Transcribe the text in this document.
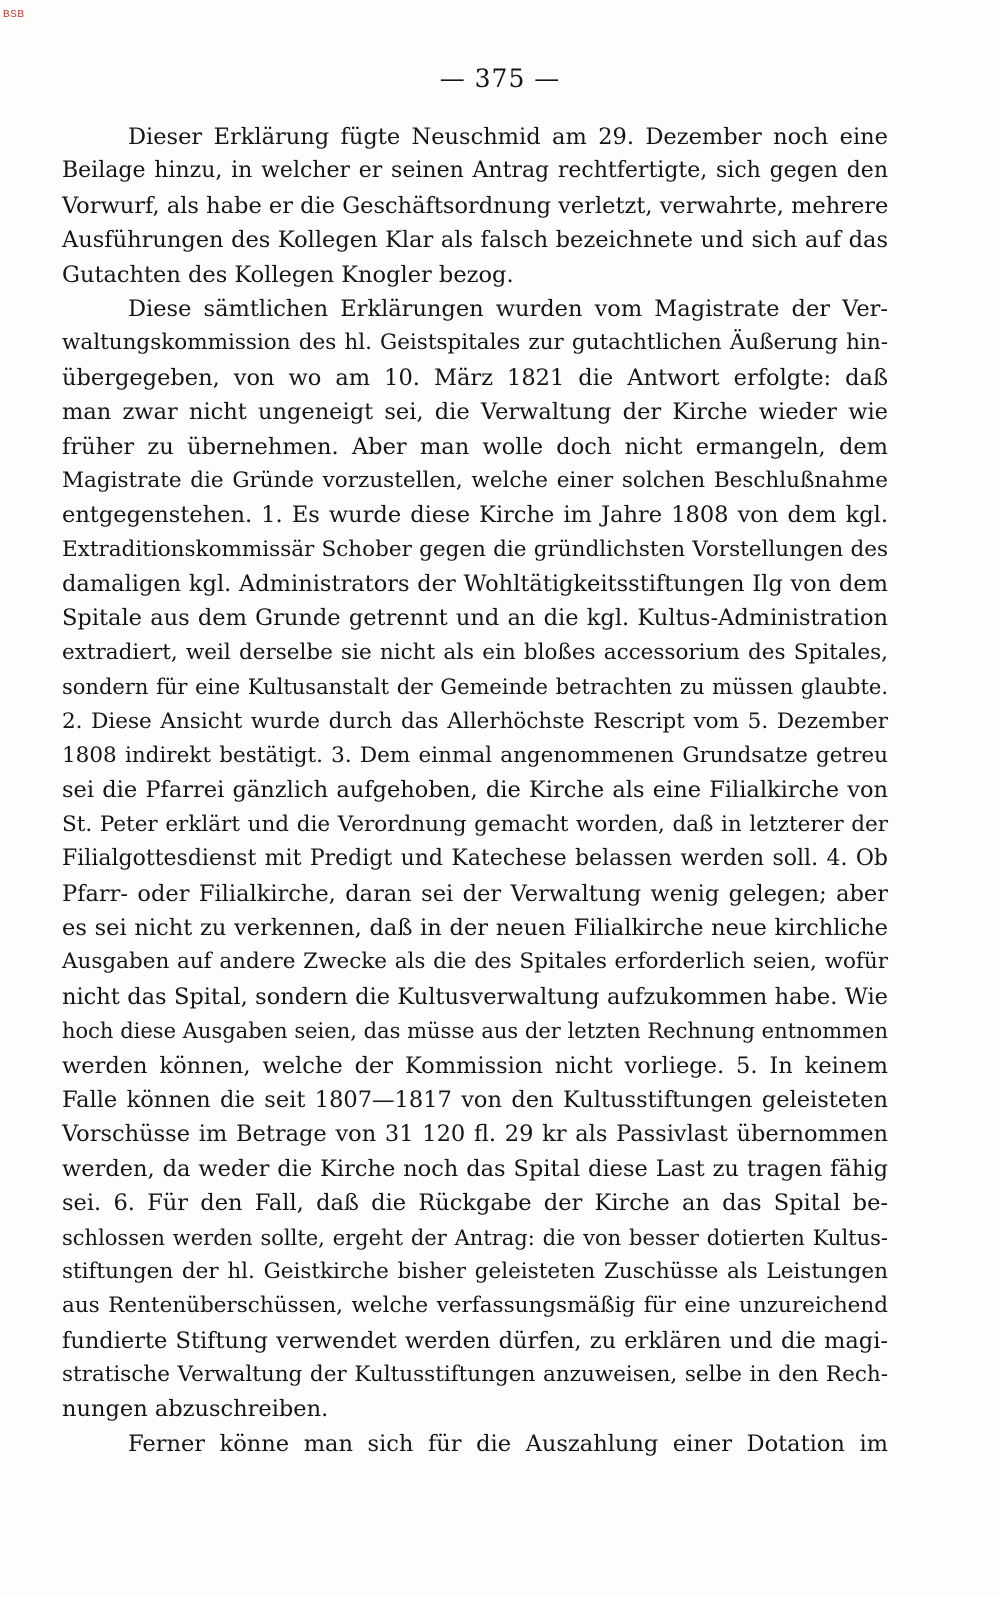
BSB
— 375 —
Dieser Erklärung fügte Neuschmid am 29. Dezember noch eine
Beilage hinzu, in welcher er seinen Antrag rechtfertigte, sich gegen den
Vorwurf, als habe er die Geschäftsordnung verletzt, verwahrte, mehrere
Ausführungen des Kollegen Klar als falsch bezeichnete und sich auf das
Gutachten des Kollegen Knogler bezog.
Diese sämtlichen Erklärungen wurden vom Magistrate der Ver-
waltungskommission des hl. Geistspitales zur gutachtlichen Äußerung hin-
übergegeben, von wo am 10. März 1821 die Antwort erfolgte: daß
man zwar nicht ungeneigt sei, die Verwaltung der Kirche wieder wie
früher zu übernehmen. Aber man wolle doch nicht ermangeln, dem
Magistrate die Gründe vorzustellen, welche einer solchen Beschlußnahme
entgegenstehen. 1. Es wurde diese Kirche im Jahre 1808 von dem kgl.
Extraditionskommissär Schober gegen die gründlichsten Vorstellungen des
damaligen kgl. Administrators der Wohltätigkeitsstiftungen Ilg von dem
Spitale aus dem Grunde getrennt und an die kgl. Kultus-Administration
extradiert, weil derselbe sie nicht als ein bloßes accessorium des Spitales,
sondern für eine Kultusanstalt der Gemeinde betrachten zu müssen glaubte.
2. Diese Ansicht wurde durch das Allerhöchste Rescript vom 5. Dezember
1808 indirekt bestätigt. 3. Dem einmal angenommenen Grundsatze getreu
sei die Pfarrei gänzlich aufgehoben, die Kirche als eine Filialkirche von
St. Peter erklärt und die Verordnung gemacht worden, daß in letzterer der
Filialgottesdienst mit Predigt und Katechese belassen werden soll. 4. Ob
Pfarr- oder Filialkirche, daran sei der Verwaltung wenig gelegen; aber
es sei nicht zu verkennen, daß in der neuen Filialkirche neue kirchliche
Ausgaben auf andere Zwecke als die des Spitales erforderlich seien, wofür
nicht das Spital, sondern die Kultusverwaltung aufzukommen habe. Wie
hoch diese Ausgaben seien, das müsse aus der letzten Rechnung entnommen
werden können, welche der Kommission nicht vorliege. 5. In keinem
Falle können die seit 1807—1817 von den Kultusstiftungen geleisteten
Vorschüsse im Betrage von 31 120 fl. 29 kr als Passivlast übernommen
werden, da weder die Kirche noch das Spital diese Last zu tragen fähig
sei. 6. Für den Fall, daß die Rückgabe der Kirche an das Spital be-
schlossen werden sollte, ergeht der Antrag: die von besser dotierten Kultus-
stiftungen der hl. Geistkirche bisher geleisteten Zuschüsse als Leistungen
aus Rentenüberschüssen, welche verfassungsmäßig für eine unzureichend
fundierte Stiftung verwendet werden dürfen, zu erklären und die magi-
stratische Verwaltung der Kultusstiftungen anzuweisen, selbe in den Rech-
nungen abzuschreiben.
Ferner könne man sich für die Auszahlung einer Dotation im
